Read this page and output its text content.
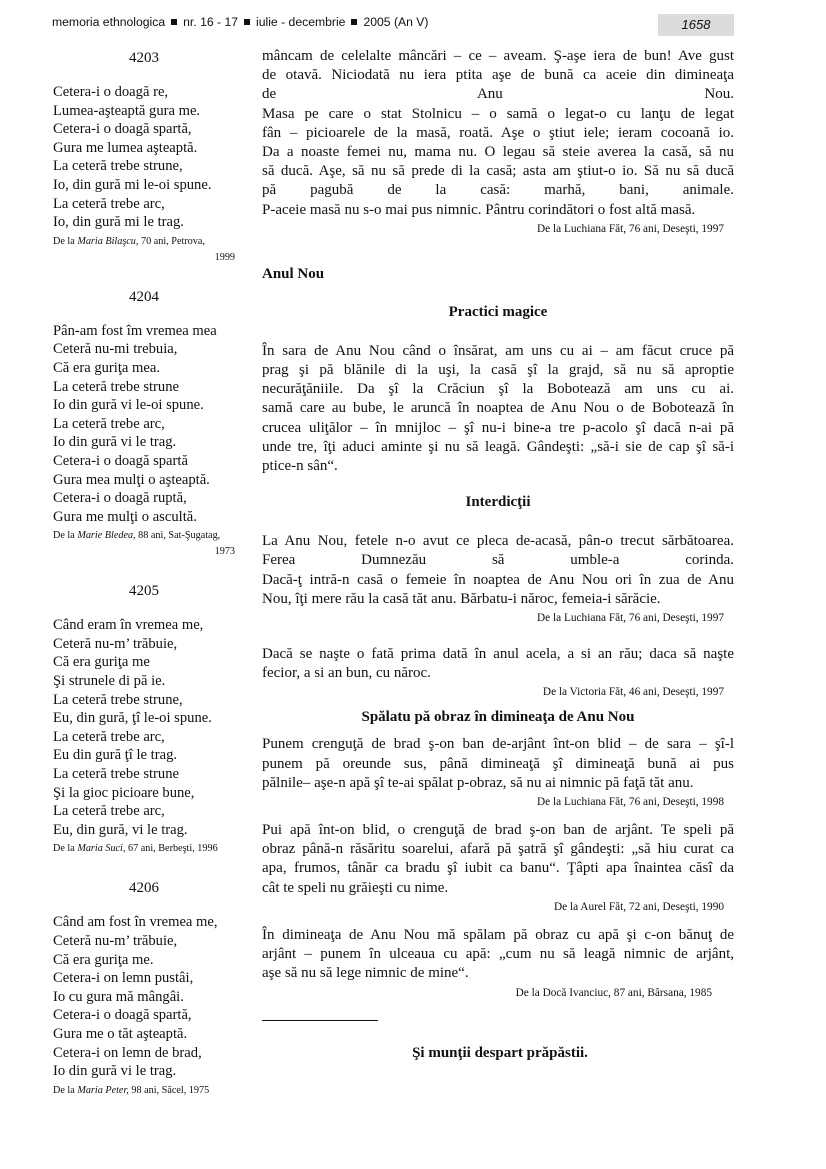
memoria ethnologica nr. 16 - 17 iulie - decembrie 2005 (An V)	1658
4203
Cetera-i o doagă re,
Lumea-aşteaptă gura me.
Cetera-i o doagă spartă,
Gura me lumea aşteaptă.
La ceteră trebe strune,
Io, din gură mi le-oi spune.
La ceteră trebe arc,
Io, din gură mi le trag.
De la Maria Bilaşcu, 70 ani, Petrova,
1999
4204
Pân-am fost îm vremea mea
Ceteră nu-mi trebuia,
Că era guriţa mea.
La ceteră trebe strune
Io din gură vi le-oi spune.
La ceteră trebe arc,
Io din gură vi le trag.
Cetera-i o doagă spartă
Gura mea mulţi o aşteaptă.
Cetera-i o doagă ruptă,
Gura me mulţi o ascultă.
De la Marie Bledea, 88 ani, Sat-Şugatag,
1973
4205
Când eram în vremea me,
Ceteră nu-m’ trăbuie,
Că era guriţa me
Şi strunele di pă ie.
La ceteră trebe strune,
Eu, din gură, ţî le-oi spune.
La ceteră trebe arc,
Eu din gură ţî le trag.
La ceteră trebe strune
Şi la gioc picioare bune,
La ceteră trebe arc,
Eu, din gură, vi le trag.
De la Maria Suci, 67 ani, Berbeşti, 1996
4206
Când am fost în vremea me,
Ceteră nu-m’ trăbuie,
Că era guriţa me.
Cetera-i on lemn pustâi,
Io cu gura mă mângâi.
Cetera-i o doagă spartă,
Gura me o tăt aşteaptă.
Cetera-i on lemn de brad,
Io din gură vi le trag.
De la Maria Peter, 98 ani, Săcel, 1975

mâncam de celelalte mâncări – ce – aveam. Ş-aşe iera de bun! Ave gust

de otavă. Niciodată nu iera ptita aşe de bună ca aceie din dimineaţa

de Anu Nou.

Masa pe care o stat Stolnicu – o samă o legat-o cu lanţu de legat

fân – picioarele de la masă, roată. Aşe o ştiut iele; ieram cocoană io.

Da a noaste femei nu, mama nu. O legau să steie averea la casă, să nu

să ducă. Aşe, să nu să prede di la casă; asta am ştiut-o io. Să nu să ducă

pă pagubă de la casă: marhă, bani, animale.

P-aceie masă nu s-o mai pus nimnic. Pântru corindători o fost altă masă.

De la Luchiana Făt, 76 ani, Deseşti, 1997
Anul Nou
Practici magice

În sara de Anu Nou când o însărat, am uns cu ai – am făcut cruce pă

prag şi pă blănile di la uşi, la casă şî la grajd, să nu să aproptie

necurăţăniile. Da şî la Crăciun şî la Bobotează am uns cu ai.

samă care au bube, le aruncă în noaptea de Anu Nou o de Bobotează în

crucea uliţălor – în mnijloc – şî nu-i bine-a tre p-acolo şî dacă n-ai pă

unde tre, îţi aduci aminte şi nu să leagă. Gândeşti: „să-i sie de cap şî să-i

ptice-n sân“.

Interdicţii

La Anu Nou, fetele n-o avut ce pleca de-acasă, pân-o trecut sărbătoarea.

Ferea Dumnezău să umble-a corinda.

Dacă-ţ intră-n casă o femeie în noaptea de Anu Nou ori în zua de Anu

Nou, îţi mere rău la casă tăt anu. Bărbatu-i năroc, femeia-i sărăcie.

De la Luchiana Făt, 76 ani, Deseşti, 1997

Dacă se naşte o fată prima dată în anul acela, a si an rău; daca să naşte

fecior, a si an bun, cu năroc.

De la Victoria Făt, 46 ani, Deseşti, 1997
Spălatu pă obraz în dimineaţa de Anu Nou

Punem crenguţă de brad ş-on ban de-arjânt înt-on blid – de sara – şî-l

punem pă oreunde sus, până dimineaţă şî dimineaţă bună ai pus

pălnile– aşe-n apă şî te-ai spălat p-obraz, să nu ai nimnic pă faţă tăt anu.

De la Luchiana Făt, 76 ani, Deseşti, 1998

Pui apă înt-on blid, o crenguţă de brad ş-on ban de arjânt. Te speli pă

obraz până-n răsăritu soarelui, afară pă şatră şî gândeşti: „să hiu curat ca

apa, frumos, tânăr ca bradu şî iubit ca banu“. Ţâpti apa înaintea căsî da

cât te speli nu grăieşti cu nime.

De la Aurel Făt, 72 ani, Deseşti, 1990

În dimineaţa de Anu Nou mă spălam pă obraz cu apă şi c-on bănuţ de

arjânt – punem în ulceaua cu apă: „cum nu să leagă nimnic de arjânt,

aşe să nu să lege nimnic de mine“.

De la Docă Ivanciuc, 87 ani, Bârsana, 1985
Şi munţii despart prăpăstii.
